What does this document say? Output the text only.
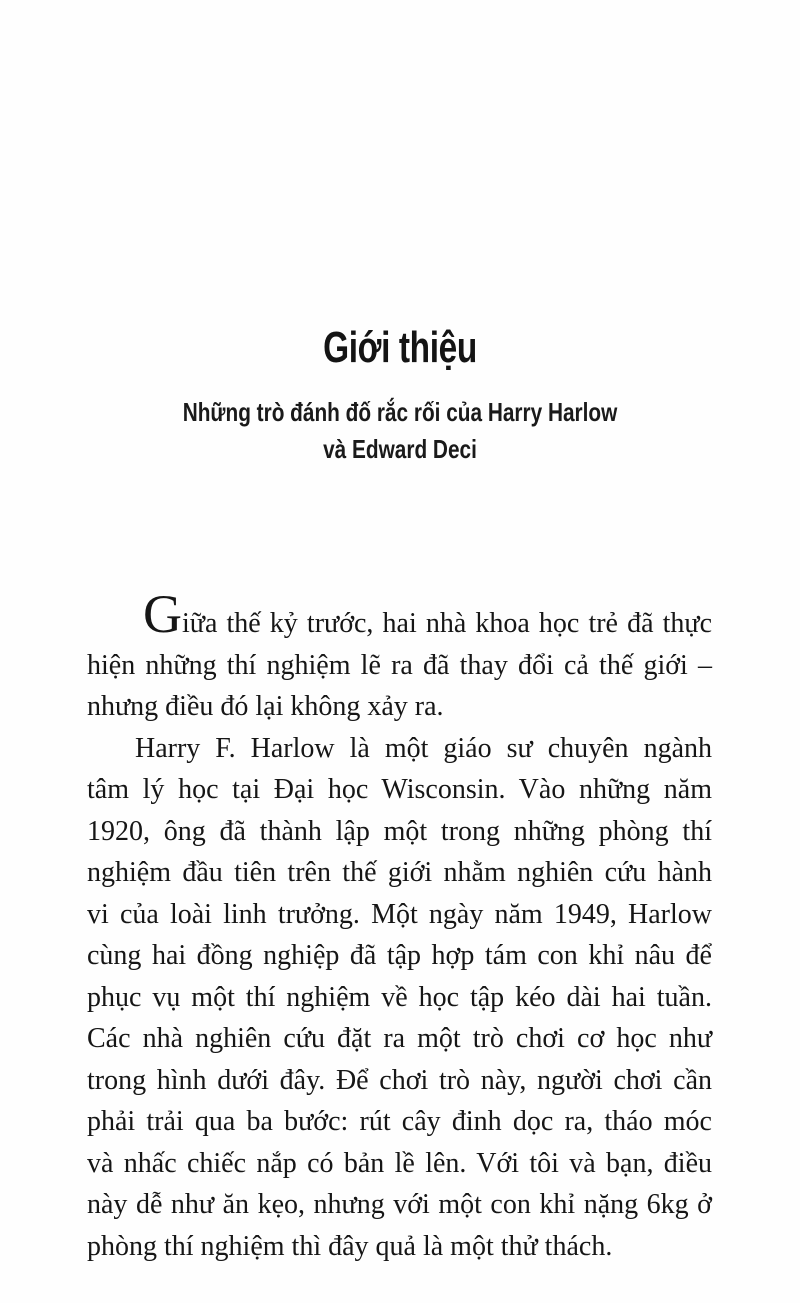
Giới thiệu
Những trò đánh đố rắc rối của Harry Harlow
và Edward Deci
Giữa thế kỷ trước, hai nhà khoa học trẻ đã thực
hiện những thí nghiệm lẽ ra đã thay đổi cả thế giới –
nhưng điều đó lại không xảy ra.
Harry F. Harlow là một giáo sư chuyên ngành
tâm lý học tại Đại học Wisconsin. Vào những năm
1920, ông đã thành lập một trong những phòng thí
nghiệm đầu tiên trên thế giới nhằm nghiên cứu hành
vi của loài linh trưởng. Một ngày năm 1949, Harlow
cùng hai đồng nghiệp đã tập hợp tám con khỉ nâu để
phục vụ một thí nghiệm về học tập kéo dài hai tuần.
Các nhà nghiên cứu đặt ra một trò chơi cơ học như
trong hình dưới đây. Để chơi trò này, người chơi cần
phải trải qua ba bước: rút cây đinh dọc ra, tháo móc
và nhấc chiếc nắp có bản lề lên. Với tôi và bạn, điều
này dễ như ăn kẹo, nhưng với một con khỉ nặng 6kg ở
phòng thí nghiệm thì đây quả là một thử thách.
